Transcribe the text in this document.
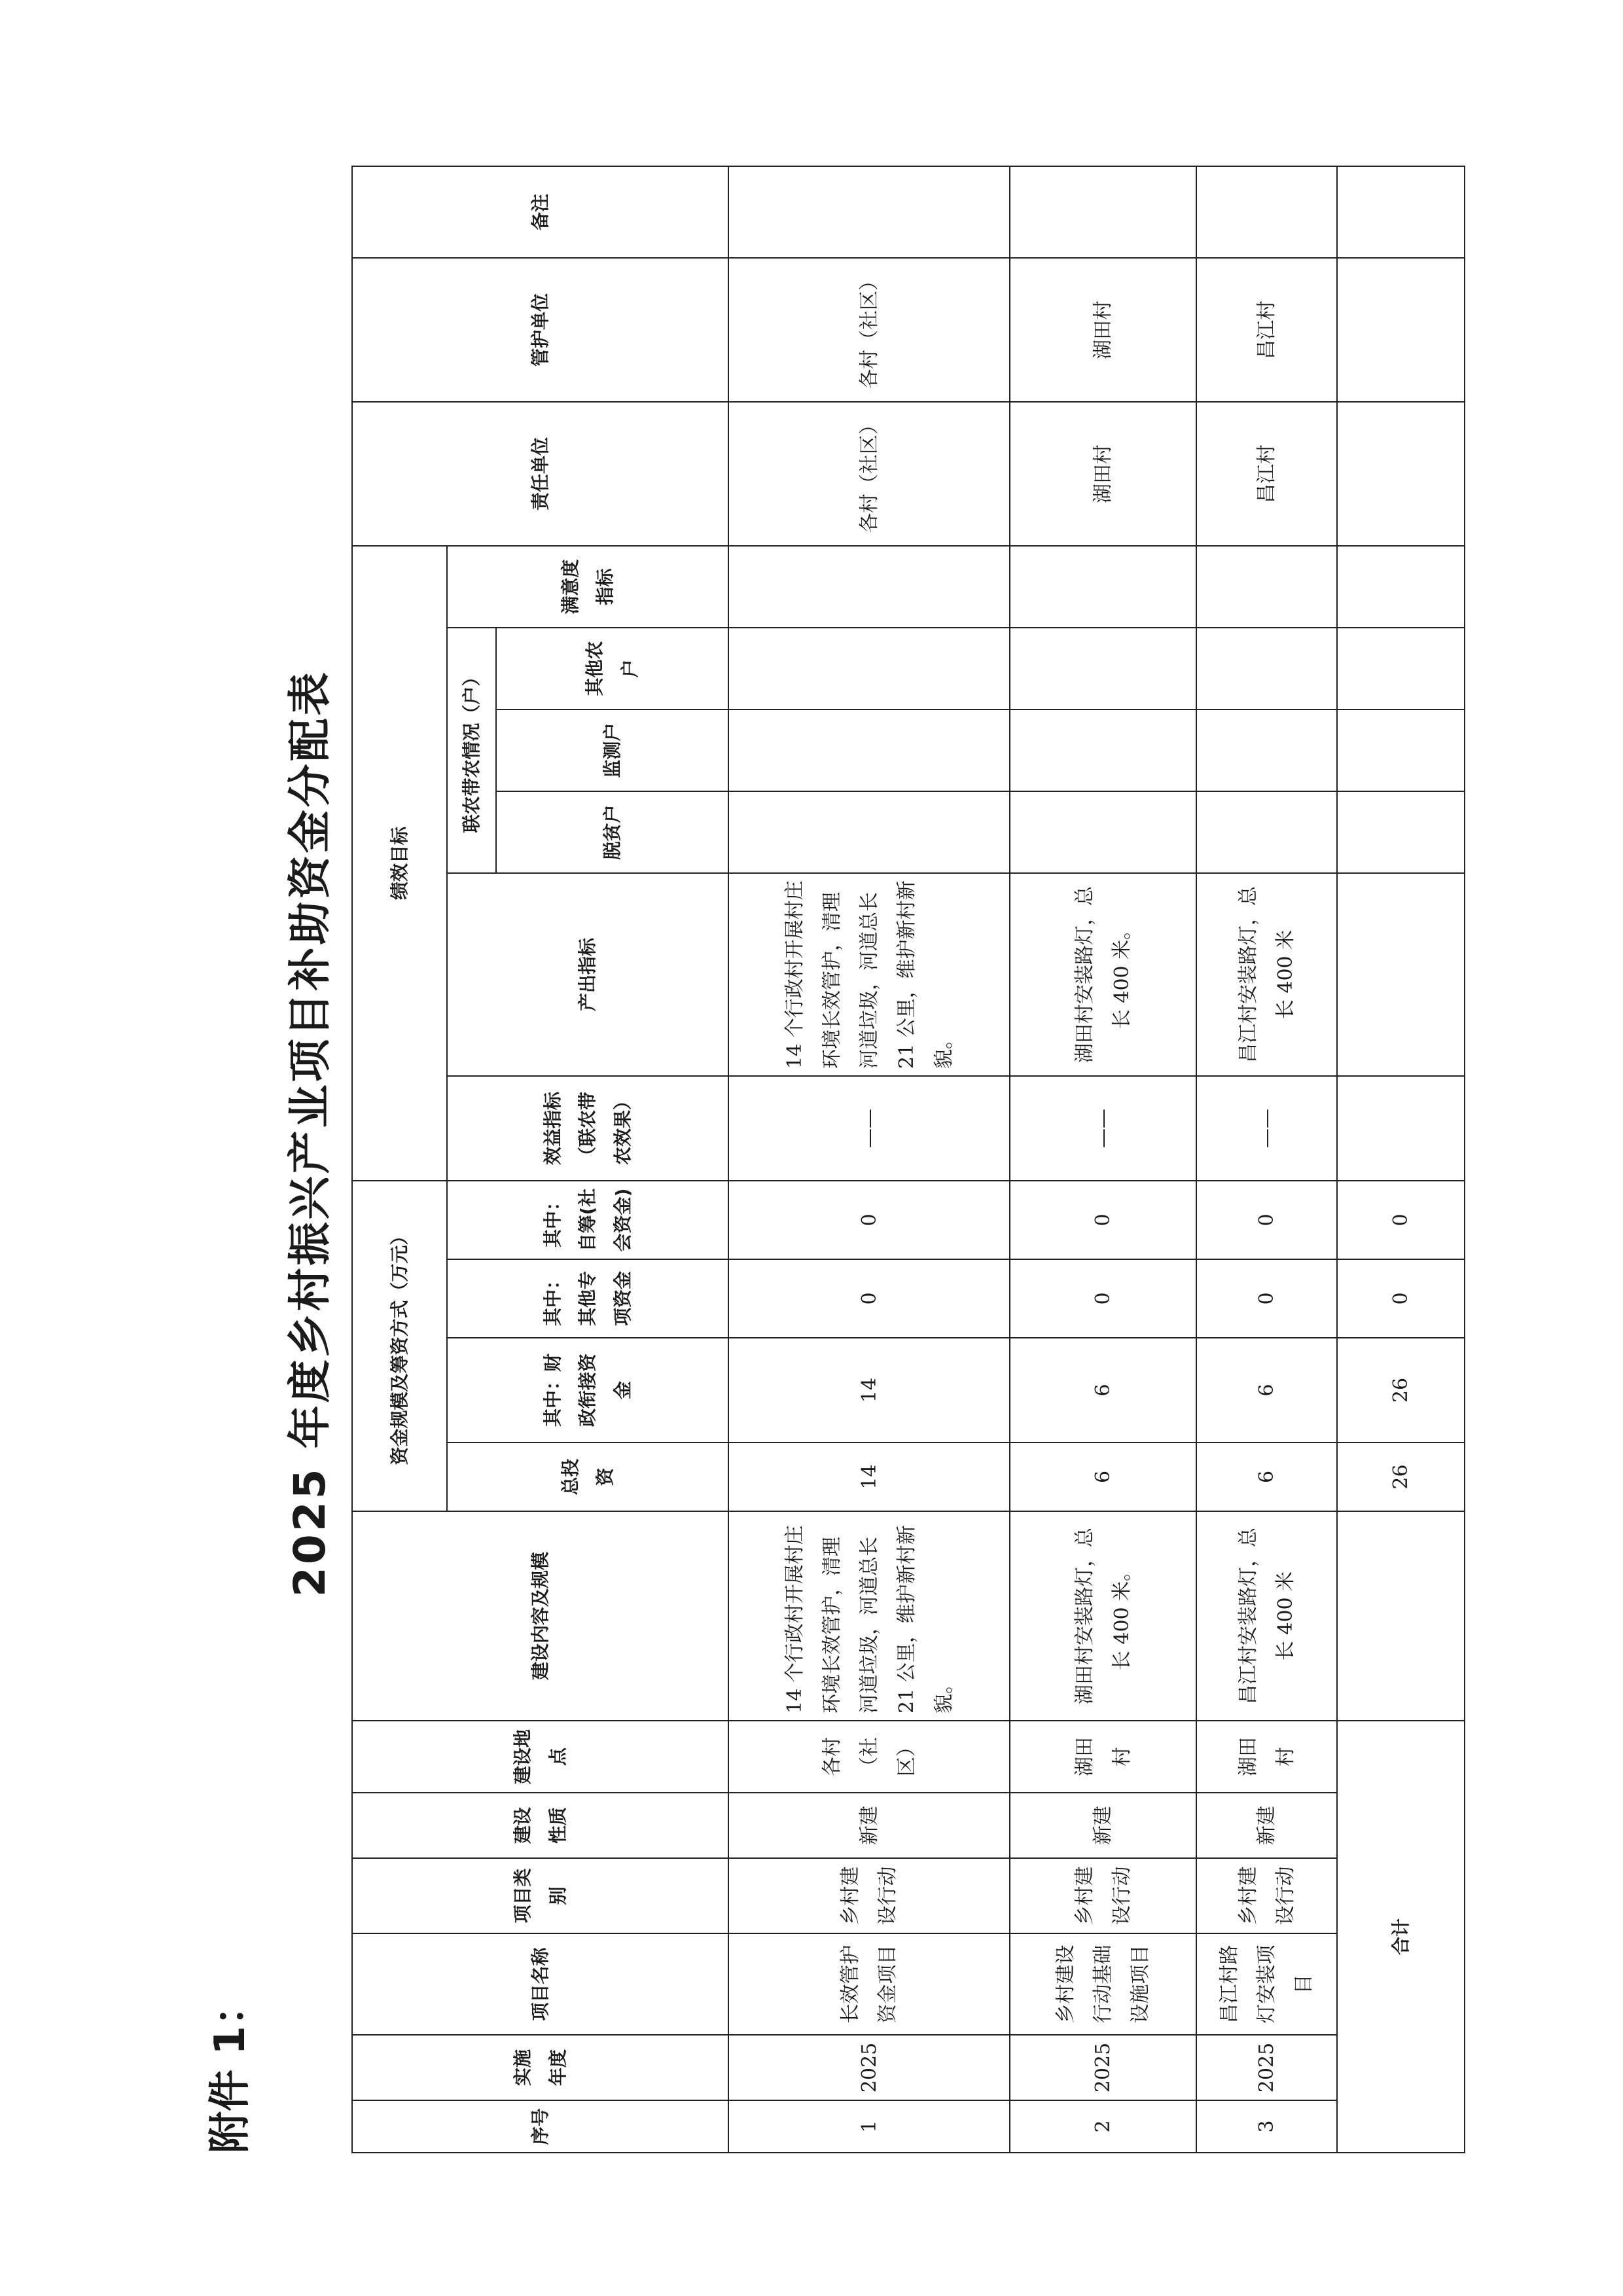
附件 1：
2025 年度乡村振兴产业项目补助资金分配表
序号	实施年度	项目名称	项目类别	建设性质	建设地点	建设内容及规模	资金规模及筹资方式（万元）				绩效目标						责任单位	管护单位	备注
							总投资	其中：财政衔接资金	其中：其他专项资金	其中：自筹(社会资金)	效益指标（联农带农效果）	产出指标	联农带农情况（户）			满意度指标			
													脱贫户	监测户	其他农户				
1	2025	长效管护资金项目	乡村建设行动	新建	各村（社区）	14 个行政村开展村庄环境长效管护，清理河道垃圾，河道总长 21 公里，维护新村新貌。	14	14	0	0	——	14 个行政村开展村庄环境长效管护，清理河道垃圾，河道总长 21 公里，维护新村新貌。					各村（社区）	各村（社区）	
2	2025	乡村建设行动基础设施项目	乡村建设行动	新建	湖田村	湖田村安装路灯，总长 400 米。	6	6	0	0	——	湖田村安装路灯，总长 400 米。					湖田村	湖田村	
3	2025	昌江村路灯安装项目	乡村建设行动	新建	湖田村	昌江村安装路灯，总长 400 米	6	6	0	0	——	昌江村安装路灯，总长 400 米					昌江村	昌江村	
合计							26	26	0	0									
